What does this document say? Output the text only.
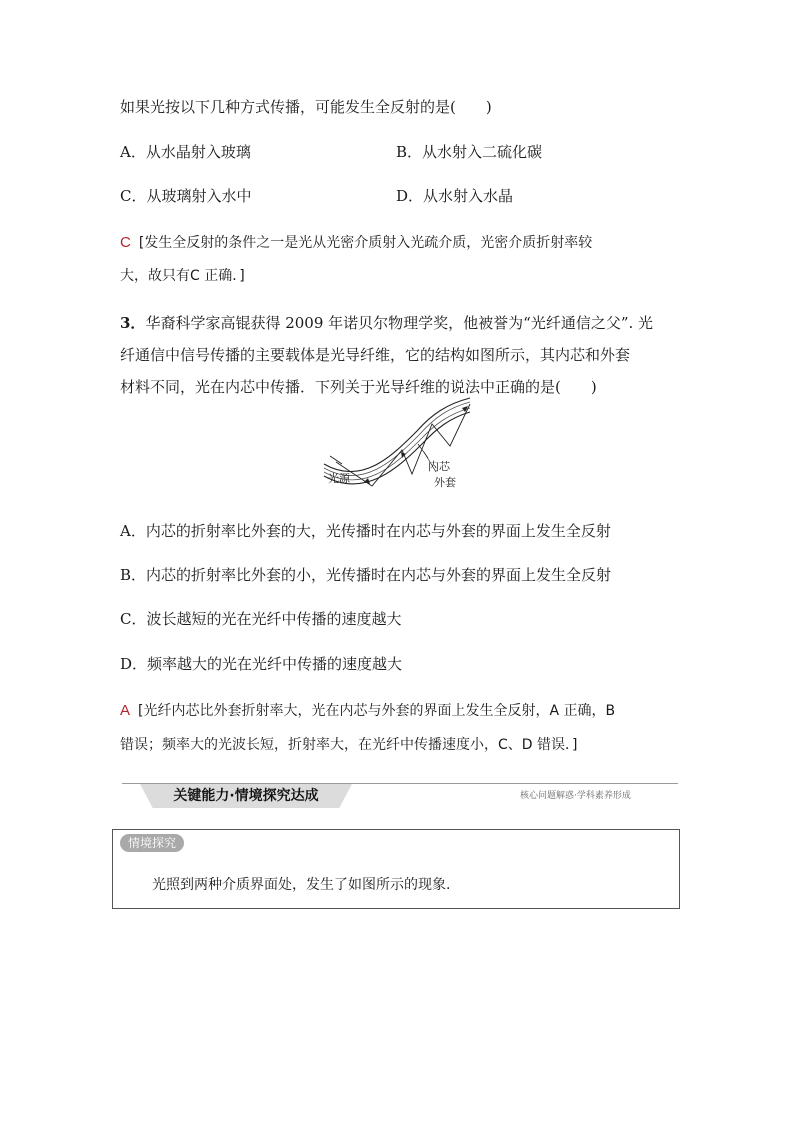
如果光按以下几种方式传播，可能发生全反射的是(　　)
A．从水晶射入玻璃	B．从水射入二硫化碳
C．从玻璃射入水中	D．从水射入水晶
C [发生全反射的条件之一是光从光密介质射入光疏介质，光密介质折射率较
大，故只有C 正确．]
3．华裔科学家高锟获得 2009 年诺贝尔物理学奖，他被誉为“光纤通信之父”. 光
纤通信中信号传播的主要载体是光导纤维，它的结构如图所示，其内芯和外套
材料不同，光在内芯中传播．下列关于光导纤维的说法中正确的是(　　)
光源
内芯
外套
A．内芯的折射率比外套的大，光传播时在内芯与外套的界面上发生全反射
B．内芯的折射率比外套的小，光传播时在内芯与外套的界面上发生全反射
C．波长越短的光在光纤中传播的速度越大
D．频率越大的光在光纤中传播的速度越大
A [光纤内芯比外套折射率大，光在内芯与外套的界面上发生全反射，A 正确，B
错误；频率大的光波长短，折射率大，在光纤中传播速度小，C、D 错误．]
关键能力·情境探究达成	核心问题解惑·学科素养形成
情境探究
光照到两种介质界面处，发生了如图所示的现象.
